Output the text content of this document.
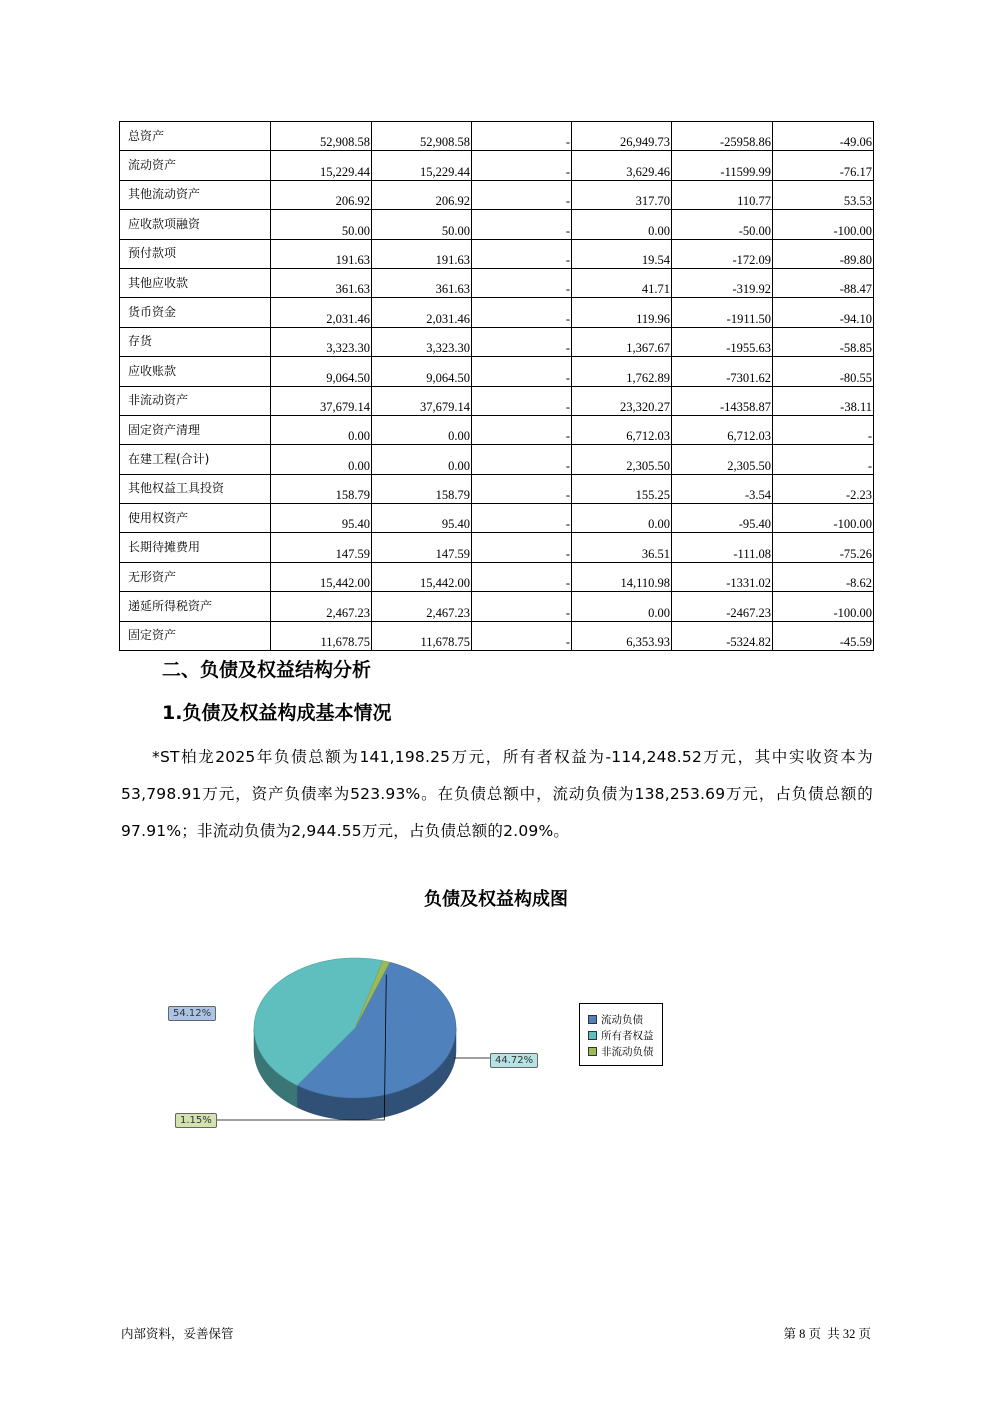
总资产	52,908.58	52,908.58	-	26,949.73	-25958.86	-49.06
流动资产	15,229.44	15,229.44	-	3,629.46	-11599.99	-76.17
其他流动资产	206.92	206.92	-	317.70	110.77	53.53
应收款项融资	50.00	50.00	-	0.00	-50.00	-100.00
预付款项	191.63	191.63	-	19.54	-172.09	-89.80
其他应收款	361.63	361.63	-	41.71	-319.92	-88.47
货币资金	2,031.46	2,031.46	-	119.96	-1911.50	-94.10
存货	3,323.30	3,323.30	-	1,367.67	-1955.63	-58.85
应收账款	9,064.50	9,064.50	-	1,762.89	-7301.62	-80.55
非流动资产	37,679.14	37,679.14	-	23,320.27	-14358.87	-38.11
固定资产清理	0.00	0.00	-	6,712.03	6,712.03	-
在建工程(合计)	0.00	0.00	-	2,305.50	2,305.50	-
其他权益工具投资	158.79	158.79	-	155.25	-3.54	-2.23
使用权资产	95.40	95.40	-	0.00	-95.40	-100.00
长期待摊费用	147.59	147.59	-	36.51	-111.08	-75.26
无形资产	15,442.00	15,442.00	-	14,110.98	-1331.02	-8.62
递延所得税资产	2,467.23	2,467.23	-	0.00	-2467.23	-100.00
固定资产	11,678.75	11,678.75	-	6,353.93	-5324.82	-45.59
二、负债及权益结构分析
1.负债及权益构成基本情况
*ST柏龙2025年负债总额为141,198.25万元，所有者权益为-114,248.52万元，其中实收资本为53,798.91万元，资产负债率为523.93%。在负债总额中，流动负债为138,253.69万元，占负债总额的97.91%；非流动负债为2,944.55万元，占负债总额的2.09%。
负债及权益构成图
54.12%
44.72%
1.15%
流动负债
所有者权益
非流动负债
内部资料，妥善保管	第 8 页  共 32 页
